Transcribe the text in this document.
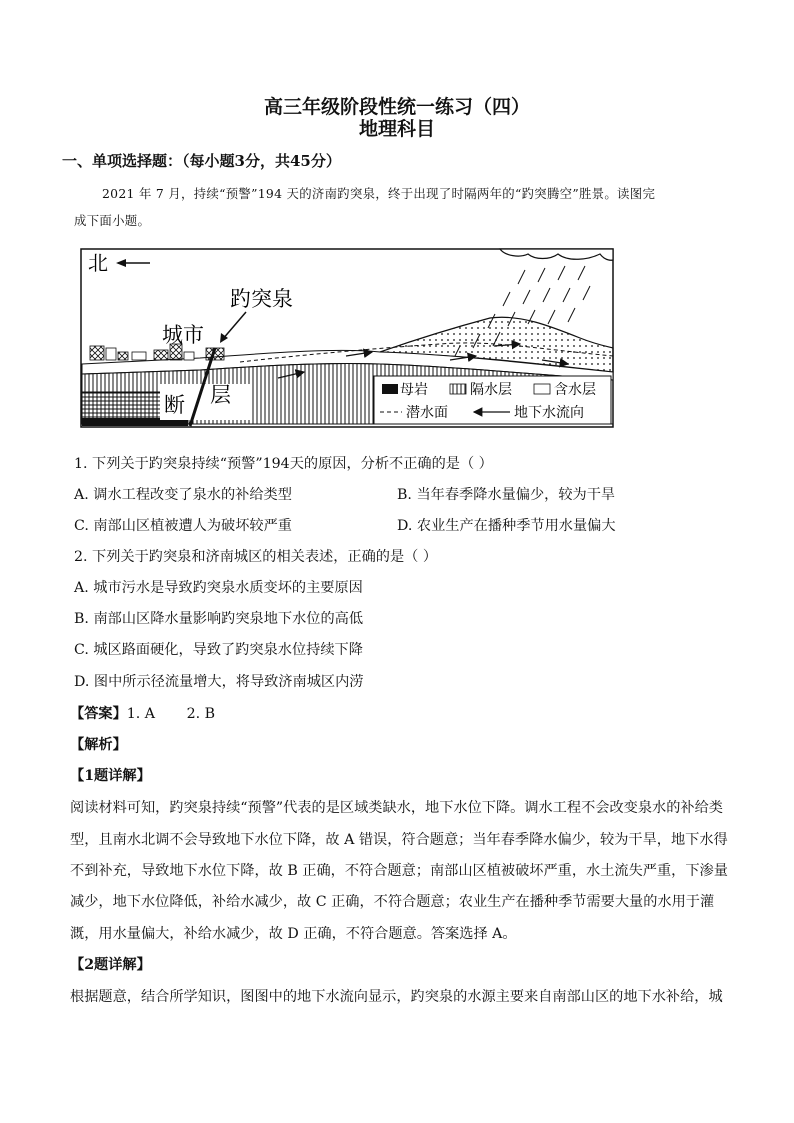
高三年级阶段性统一练习（四）
地理科目
一、单项选择题：（每小题3分，共45分）
2021 年 7 月，持续“预警”194 天的济南趵突泉，终于出现了时隔两年的“趵突腾空”胜景。读图完
成下面小题。
北
趵突泉
城市
断 层	母岩	隔水层	含水层
潜水面	地下水流向
1. 下列关于趵突泉持续“预警”194天的原因，分析不正确的是（ ）
A. 调水工程改变了泉水的补给类型	B. 当年春季降水量偏少，较为干旱
C. 南部山区植被遭人为破坏较严重	D. 农业生产在播种季节用水量偏大
2. 下列关于趵突泉和济南城区的相关表述，正确的是（ ）
A. 城市污水是导致趵突泉水质变坏的主要原因
B. 南部山区降水量影响趵突泉地下水位的高低
C. 城区路面硬化，导致了趵突泉水位持续下降
D. 图中所示径流量增大，将导致济南城区内涝
【答案】1. A       2. B
【解析】
【1题详解】
阅读材料可知，趵突泉持续“预警”代表的是区域类缺水，地下水位下降。调水工程不会改变泉水的补给类
型，且南水北调不会导致地下水位下降，故 A 错误，符合题意；当年春季降水偏少，较为干旱，地下水得
不到补充，导致地下水位下降，故 B 正确，不符合题意；南部山区植被破坏严重，水土流失严重，下渗量
减少，地下水位降低，补给水减少，故 C 正确，不符合题意；农业生产在播种季节需要大量的水用于灌
溉，用水量偏大，补给水减少，故 D 正确，不符合题意。答案选择 A。
【2题详解】
根据题意，结合所学知识，图图中的地下水流向显示，趵突泉的水源主要来自南部山区的地下水补给，城
